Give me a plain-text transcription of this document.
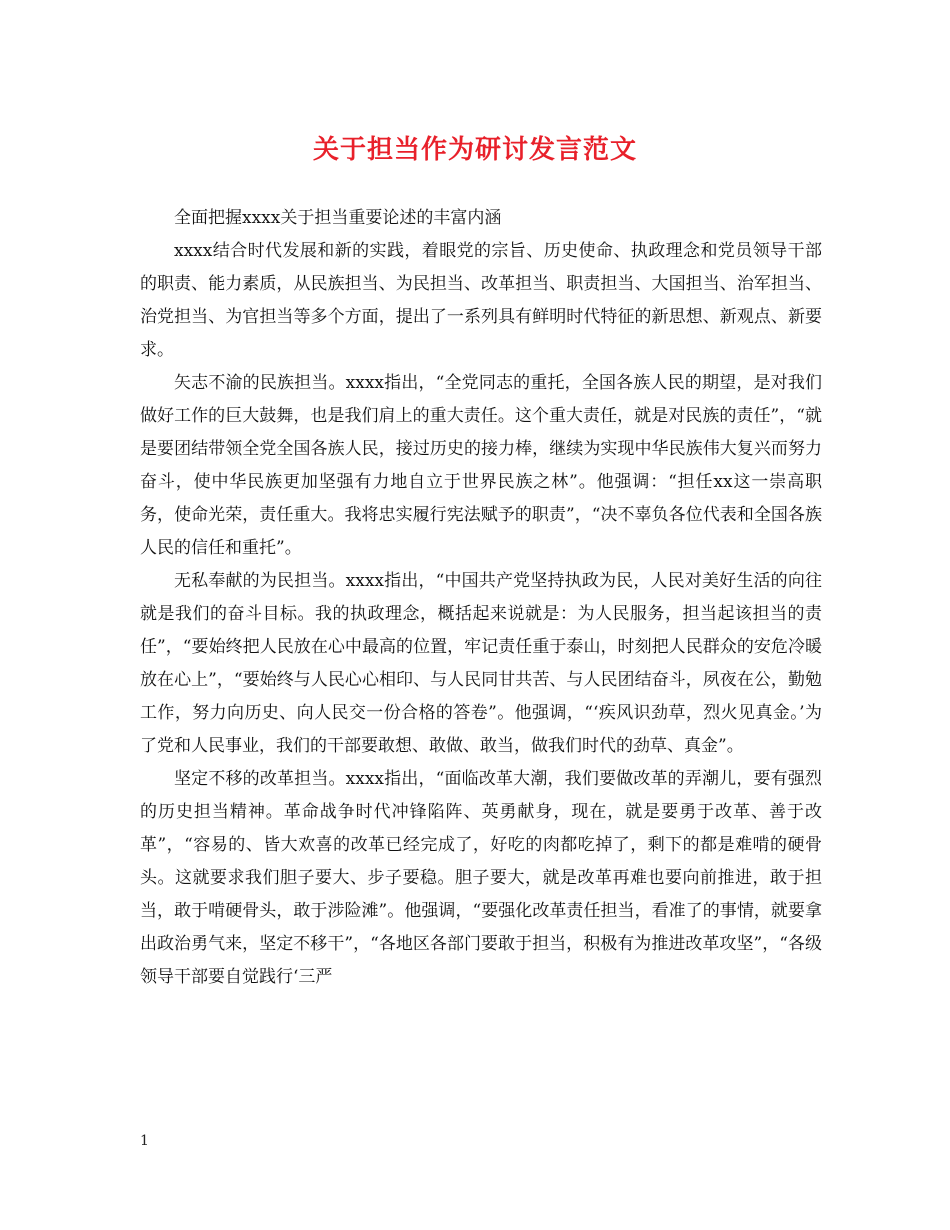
关于担当作为研讨发言范文

全面把握xxxx关于担当重要论述的丰富内涵

xxxx结合时代发展和新的实践，着眼党的宗旨、历史使命、执政理念和党员领导干部的职责、能力素质，从民族担当、为民担当、改革担当、职责担当、大国担当、治军担当、治党担当、为官担当等多个方面，提出了一系列具有鲜明时代特征的新思想、新观点、新要求。

矢志不渝的民族担当。xxxx指出，“全党同志的重托，全国各族人民的期望，是对我们做好工作的巨大鼓舞，也是我们肩上的重大责任。这个重大责任，就是对民族的责任”，“就是要团结带领全党全国各族人民，接过历史的接力棒，继续为实现中华民族伟大复兴而努力奋斗，使中华民族更加坚强有力地自立于世界民族之林”。他强调：“担任xx这一崇高职务，使命光荣，责任重大。我将忠实履行宪法赋予的职责”，“决不辜负各位代表和全国各族人民的信任和重托”。

无私奉献的为民担当。xxxx指出，“中国共产党坚持执政为民，人民对美好生活的向往就是我们的奋斗目标。我的执政理念，概括起来说就是：为人民服务，担当起该担当的责任”，“要始终把人民放在心中最高的位置，牢记责任重于泰山，时刻把人民群众的安危冷暖放在心上”，“要始终与人民心心相印、与人民同甘共苦、与人民团结奋斗，夙夜在公，勤勉工作，努力向历史、向人民交一份合格的答卷”。他强调，“‘疾风识劲草，烈火见真金。’为了党和人民事业，我们的干部要敢想、敢做、敢当，做我们时代的劲草、真金”。

坚定不移的改革担当。xxxx指出，“面临改革大潮，我们要做改革的弄潮儿，要有强烈的历史担当精神。革命战争时代冲锋陷阵、英勇献身，现在，就是要勇于改革、善于改革”，“容易的、皆大欢喜的改革已经完成了，好吃的肉都吃掉了，剩下的都是难啃的硬骨头。这就要求我们胆子要大、步子要稳。胆子要大，就是改革再难也要向前推进，敢于担当，敢于啃硬骨头，敢于涉险滩”。他强调，“要强化改革责任担当，看准了的事情，就要拿出政治勇气来，坚定不移干”，“各地区各部门要敢于担当，积极有为推进改革攻坚”，“各级领导干部要自觉践行‘三严

1
